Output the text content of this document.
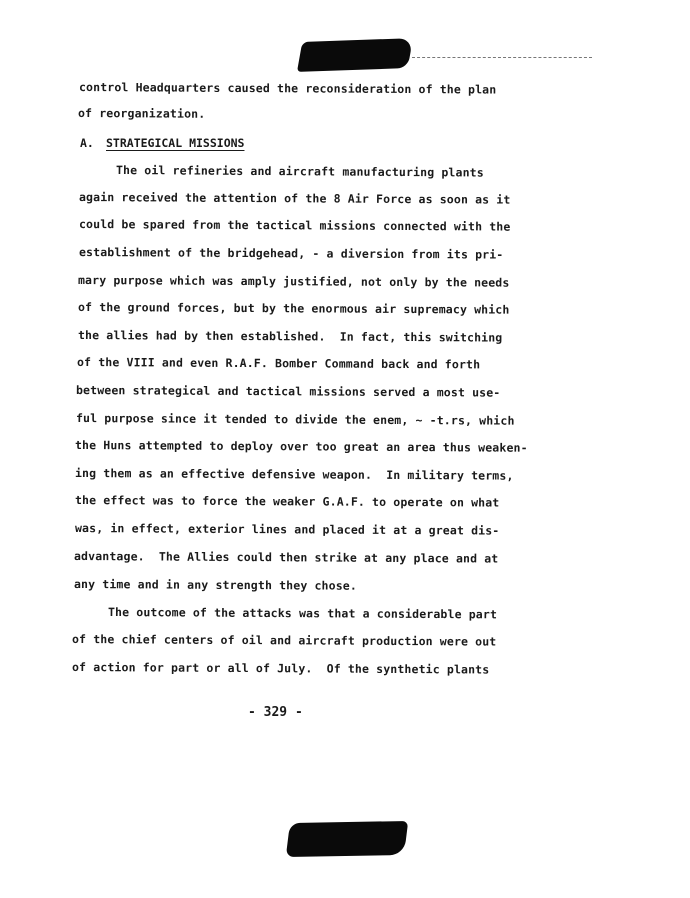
control Headquarters caused the reconsideration of the plan
of reorganization.
A. STRATEGICAL MISSIONS
The oil refineries and aircraft manufacturing plants
again received the attention of the 8 Air Force as soon as it
could be spared from the tactical missions connected with the
establishment of the bridgehead, - a diversion from its pri-
mary purpose which was amply justified, not only by the needs
of the ground forces, but by the enormous air supremacy which
the allies had by then established.  In fact, this switching
of the VIII and even R.A.F. Bomber Command back and forth
between strategical and tactical missions served a most use-
ful purpose since it tended to divide the enem, ~ -t.rs, which
the Huns attempted to deploy over too great an area thus weaken-
ing them as an effective defensive weapon.  In military terms,
the effect was to force the weaker G.A.F. to operate on what
was, in effect, exterior lines and placed it at a great dis-
advantage.  The Allies could then strike at any place and at
any time and in any strength they chose.
The outcome of the attacks was that a considerable part
of the chief centers of oil and aircraft production were out
of action for part or all of July.  Of the synthetic plants
- 329 -
